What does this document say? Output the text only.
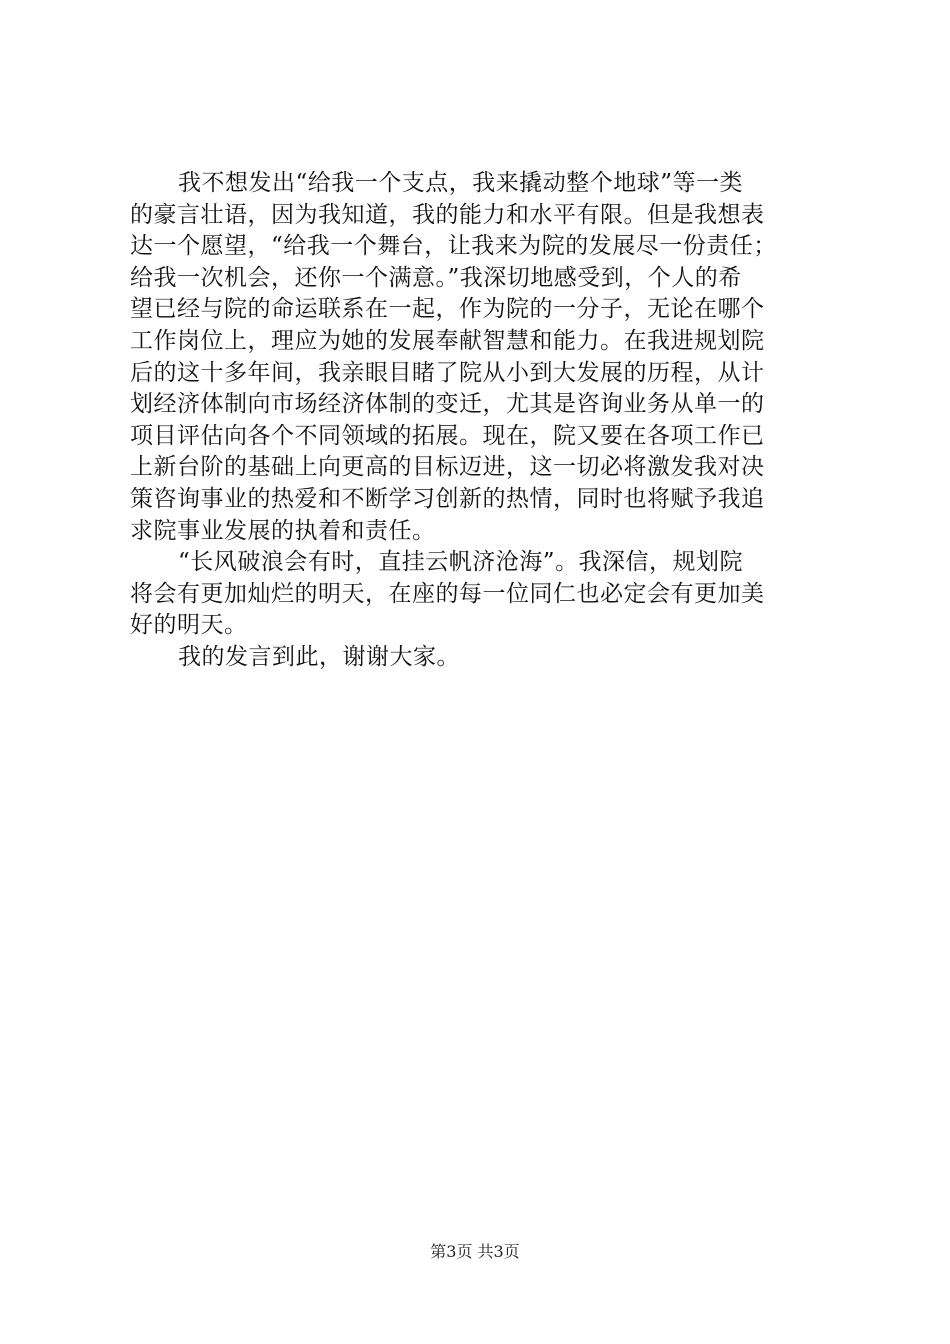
我不想发出“给我一个支点，我来撬动整个地球”等一类
的豪言壮语，因为我知道，我的能力和水平有限。但是我想表
达一个愿望，“给我一个舞台，让我来为院的发展尽一份责任；
给我一次机会，还你一个满意。”我深切地感受到，个人的希
望已经与院的命运联系在一起，作为院的一分子，无论在哪个
工作岗位上，理应为她的发展奉献智慧和能力。在我进规划院
后的这十多年间，我亲眼目睹了院从小到大发展的历程，从计
划经济体制向市场经济体制的变迁，尤其是咨询业务从单一的
项目评估向各个不同领域的拓展。现在，院又要在各项工作已
上新台阶的基础上向更高的目标迈进，这一切必将激发我对决
策咨询事业的热爱和不断学习创新的热情，同时也将赋予我追
求院事业发展的执着和责任。
“长风破浪会有时，直挂云帆济沧海”。我深信，规划院
将会有更加灿烂的明天，在座的每一位同仁也必定会有更加美
好的明天。
我的发言到此，谢谢大家。
第3页 共3页
